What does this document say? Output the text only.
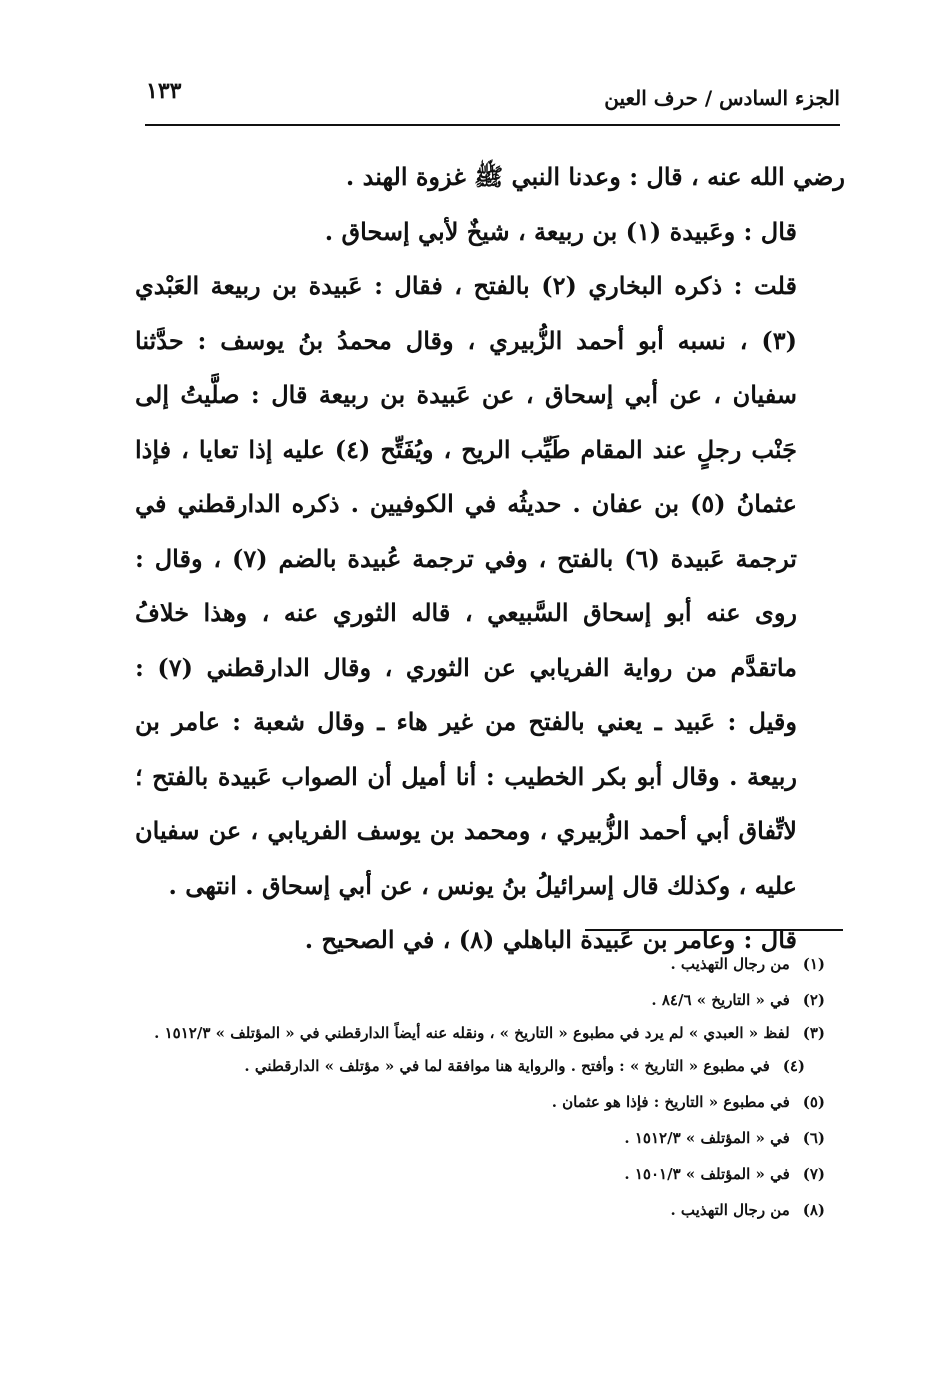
الجزء السادس / حرف العين
١٣٣

رضي الله عنه ، قال : وعدنا النبي ﷺ غزوة الهند .

قال : وعَبيدة (١) بن ربيعة ، شيخٌ لأبي إسحاق .

قلت : ذكره البخاري (٢) بالفتح ، فقال : عَبيدة بن ربيعة العَبْدي (٣) ، نسبه أبو أحمد الزُّبيري ، وقال محمدُ بنُ يوسف : حدَّثنا سفيان ، عن أبي إسحاق ، عن عَبيدة بن ربيعة قال : صلَّيتُ إلى جَنْب رجلٍ عند المقام طَيِّب الريح ، ويُفَتِّح (٤) عليه إذا تعايا ، فإذا عثمانُ (٥) بن عفان . حديثُه في الكوفيين . ذكره الدارقطني في ترجمة عَبيدة (٦) بالفتح ، وفي ترجمة عُبيدة بالضم (٧) ، وقال : روى عنه أبو إسحاق السَّبيعي ، قاله الثوري عنه ، وهذا خلافُ ماتقدَّم من رواية الفريابي عن الثوري ، وقال الدارقطني (٧) : وقيل : عَبيد ـ يعني بالفتح من غير هاء ـ وقال شعبة : عامر بن ربيعة . وقال أبو بكر الخطيب : أنا أميل أن الصواب عَبيدة بالفتح ؛ لاتِّفاق أبي أحمد الزُّبيري ، ومحمد بن يوسف الفريابي ، عن سفيان عليه ، وكذلك قال إسرائيلُ بنُ يونس ، عن أبي إسحاق . انتهى .

قال : وعامر بن عَبيدة الباهلي (٨) ، في الصحيح .

(١) من رجال التهذيب .

(٢) في « التاريخ » ٨٤/٦ .

(٣) لفظ « العبدي » لم يرد في مطبوع « التاريخ » ، ونقله عنه أيضاً الدارقطني في « المؤتلف » ١٥١٢/٣ .

(٤) في مطبوع « التاريخ » : وأفتح . والرواية هنا موافقة لما في « مؤتلف » الدارقطني .

(٥) في مطبوع « التاريخ : فإذا هو عثمان .

(٦) في « المؤتلف » ١٥١٢/٣ .

(٧) في « المؤتلف » ١٥٠١/٣ .

(٨) من رجال التهذيب .
